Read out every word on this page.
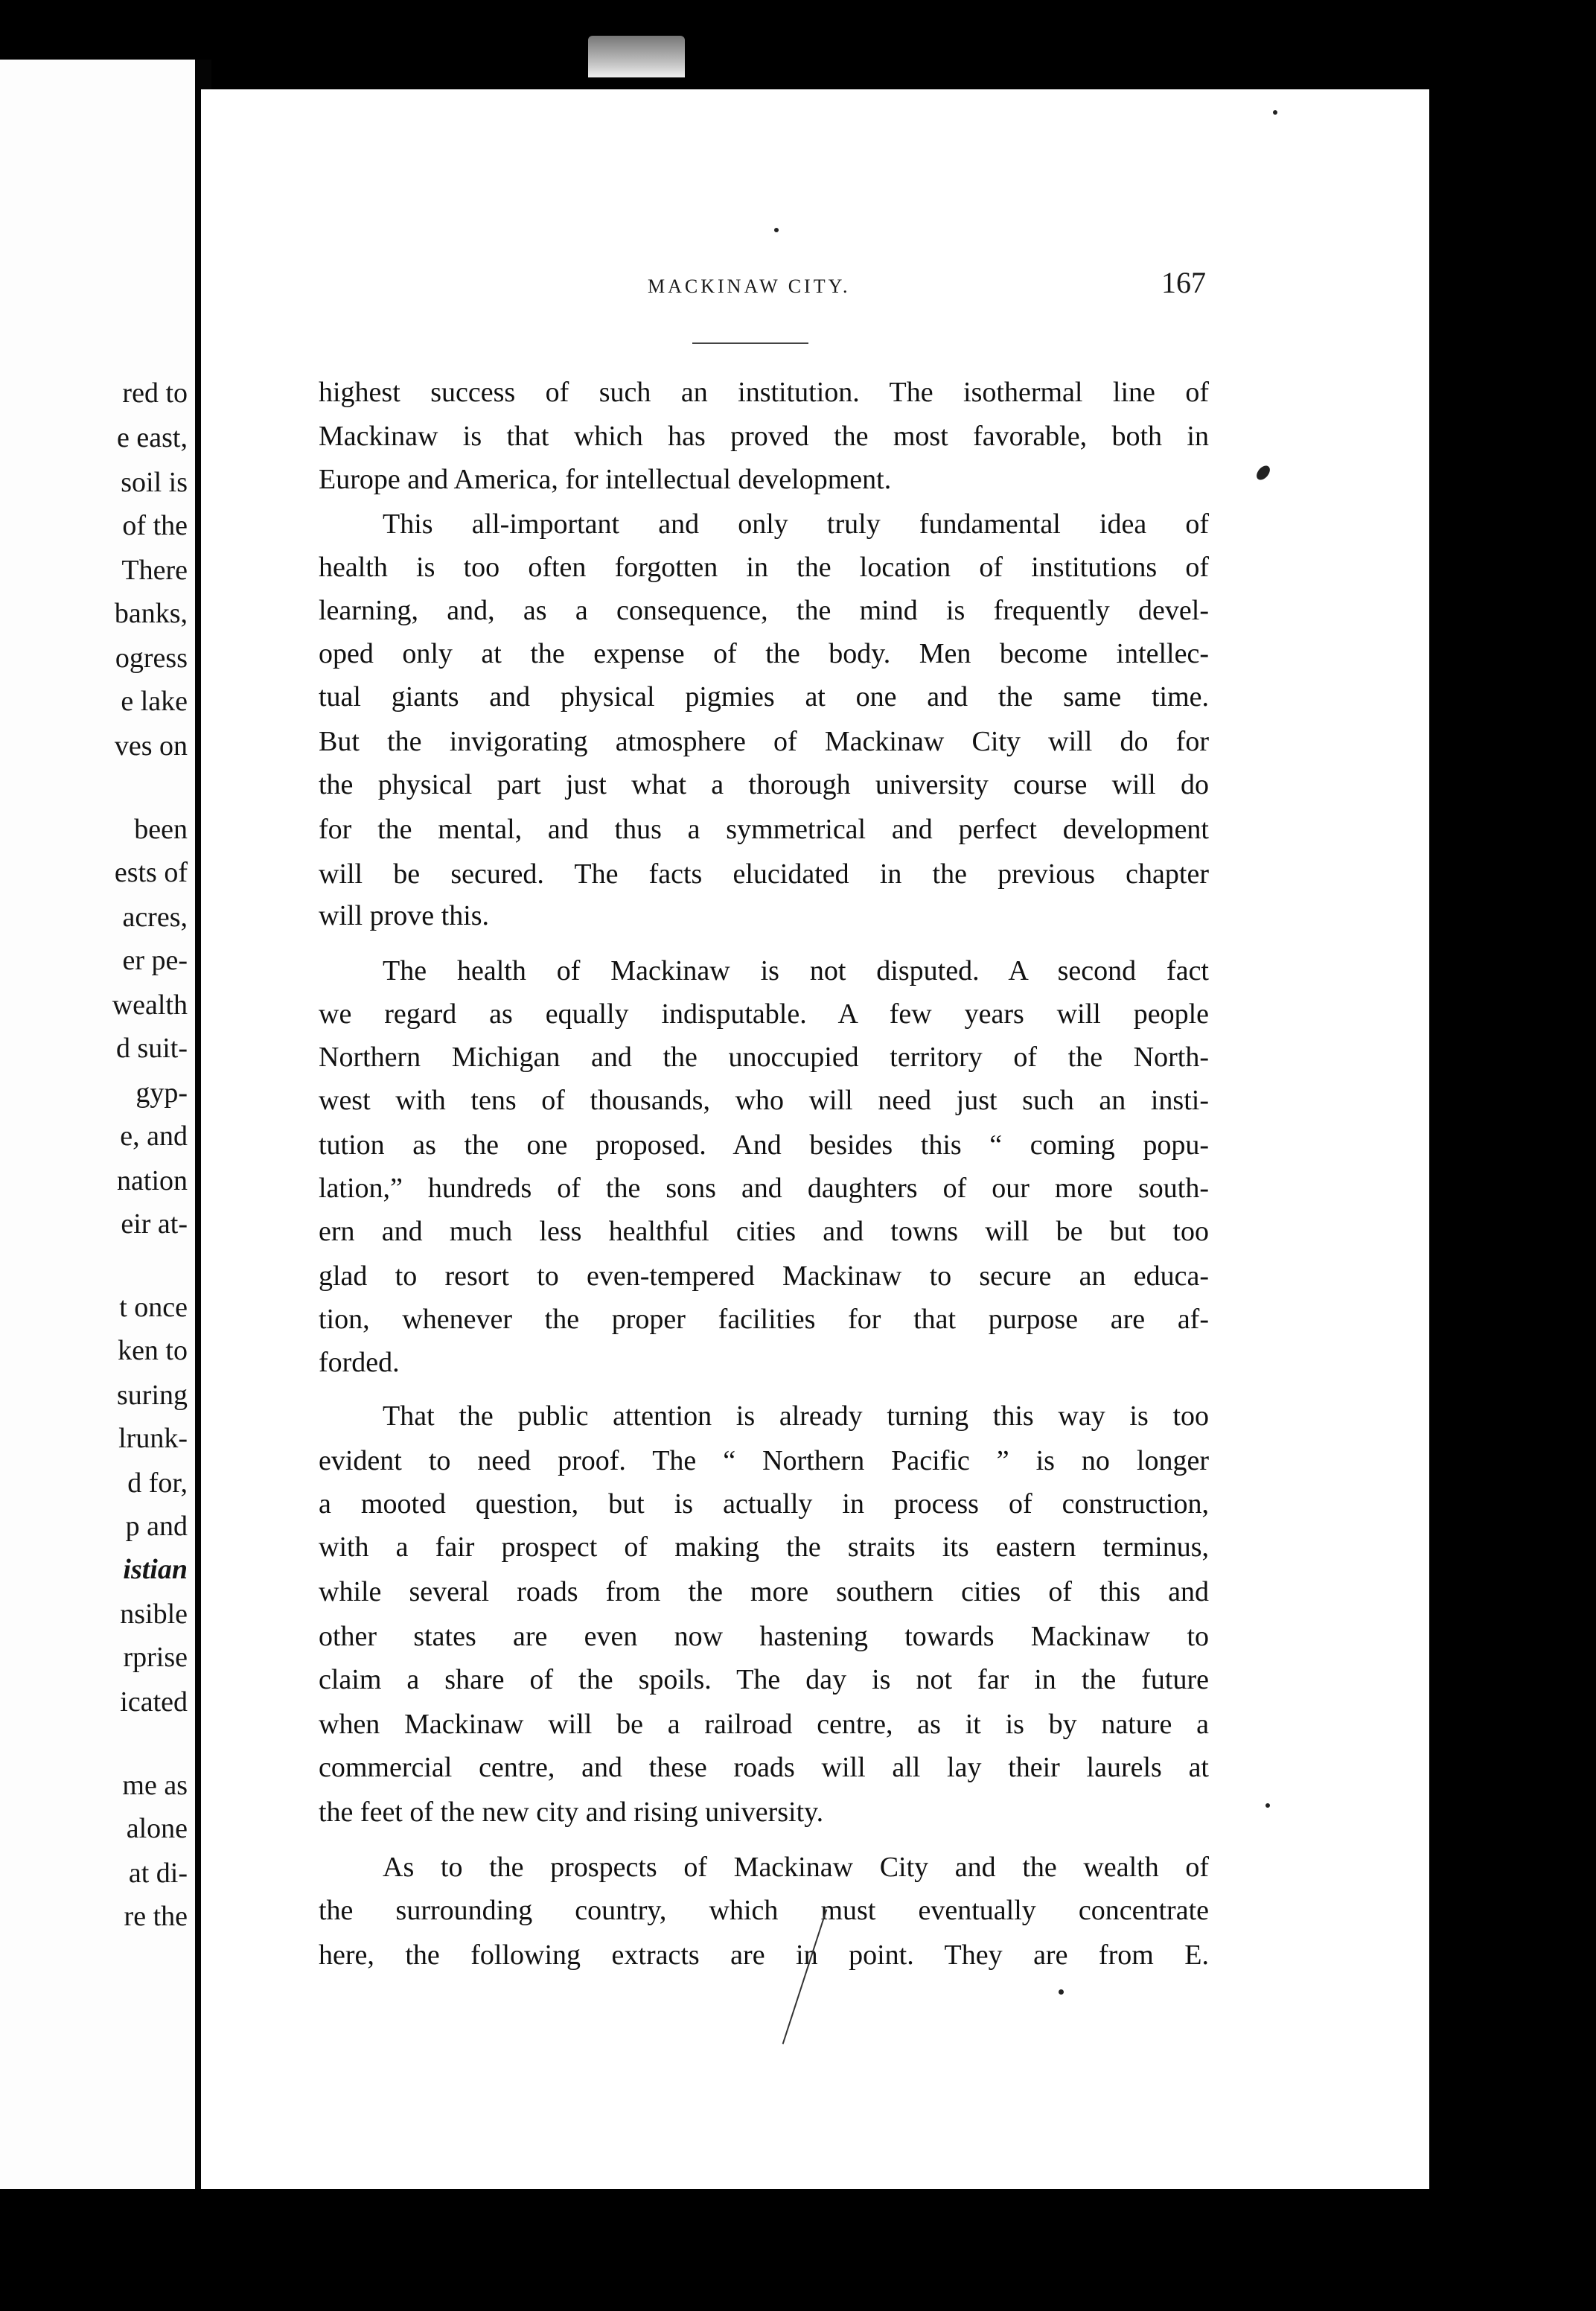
red to
e east,
soil is
of the
There
banks,
ogress
e lake
ves on
been
ests of
acres,
er pe-
wealth
d suit-
gyp-
e, and
nation
eir at-
t once
ken to
suring
lrunk-
d for,
p and
istian
nsible
rprise
icated
me as
alone
at di-
re the
MACKINAW CITY.	167
highest success of such an institution. The isothermal line of
Mackinaw is that which has proved the most favorable, both in
Europe and America, for intellectual development.
This all-important and only truly fundamental idea of
health is too often forgotten in the location of institutions of
learning, and, as a consequence, the mind is frequently devel-
oped only at the expense of the body. Men become intellec-
tual giants and physical pigmies at one and the same time.
But the invigorating atmosphere of Mackinaw City will do for
the physical part just what a thorough university course will do
for the mental, and thus a symmetrical and perfect development
will be secured. The facts elucidated in the previous chapter
will prove this.
The health of Mackinaw is not disputed. A second fact
we regard as equally indisputable. A few years will people
Northern Michigan and the unoccupied territory of the North-
west with tens of thousands, who will need just such an insti-
tution as the one proposed. And besides this “ coming popu-
lation,” hundreds of the sons and daughters of our more south-
ern and much less healthful cities and towns will be but too
glad to resort to even-tempered Mackinaw to secure an educa-
tion, whenever the proper facilities for that purpose are af-
forded.
That the public attention is already turning this way is too
evident to need proof. The “ Northern Pacific ” is no longer
a mooted question, but is actually in process of construction,
with a fair prospect of making the straits its eastern terminus,
while several roads from the more southern cities of this and
other states are even now hastening towards Mackinaw to
claim a share of the spoils. The day is not far in the future
when Mackinaw will be a railroad centre, as it is by nature a
commercial centre, and these roads will all lay their laurels at
the feet of the new city and rising university.
As to the prospects of Mackinaw City and the wealth of
the surrounding country, which must eventually concentrate
here, the following extracts are in point. They are from E.
